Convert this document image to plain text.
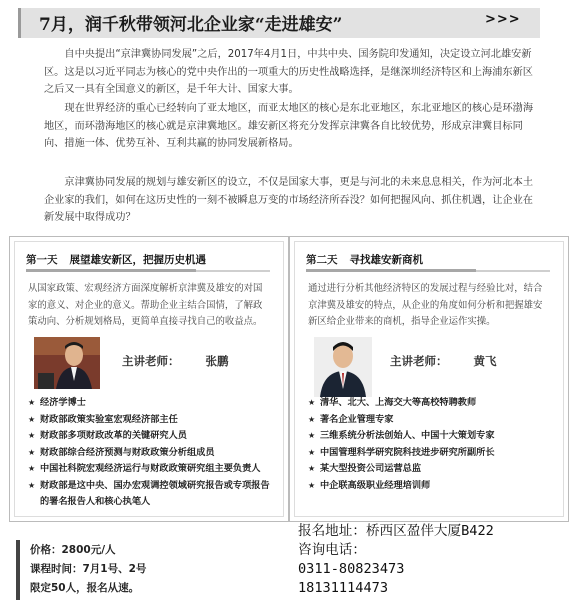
7月，润千秋带领河北企业家“走进雄安”	>>>

自中央提出“京津冀协同发展”之后，2017年4月1日，中共中央、国务院印发通知，决定设立河北雄安新区。这是以习近平同志为核心的党中央作出的一项重大的历史性战略选择，是继深圳经济特区和上海浦东新区之后又一具有全国意义的新区，是千年大计、国家大事。

现在世界经济的重心已经转向了亚太地区，而亚太地区的核心是东北亚地区，东北亚地区的核心是环渤海地区，而环渤海地区的核心就是京津冀地区。雄安新区将充分发挥京津冀各自比较优势，形成京津冀目标同向、措施一体、优势互补、互利共赢的协同发展新格局。

京津冀协同发展的规划与雄安新区的设立，不仅是国家大事，更是与河北的未来息息相关，作为河北本土企业家的我们，如何在这历史性的一刻不被瞬息万变的市场经济所吞没？如何把握风向、抓住机遇，让企业在新发展中取得成功？

第一天 展望雄安新区，把握历史机遇

从国家政策、宏观经济方面深度解析京津冀及雄安的对国家的意义、对企业的意义。帮助企业主结合国情，了解政策动向、分析规划格局，更简单直接寻找自己的收益点。

主讲老师： 张鹏
★ 经济学博士
★ 财政部政策实验室宏观经济部主任
★ 财政部多项财政改革的关键研究人员
★ 财政部综合经济预测与财政政策分析组成员
★ 中国社科院宏观经济运行与财政政策研究组主要负责人
★ 财政部是这中央、国办宏观调控领域研究报告或专项报告的署名报告人和核心执笔人
第二天 寻找雄安新商机

通过进行分析其他经济特区的发展过程与经验比对，结合京津冀及雄安的特点，从企业的角度如何分析和把握雄安新区给企业带来的商机，指导企业运作实操。

主讲老师： 黄飞
★ 清华、北大、上海交大等高校特聘教师
★ 著名企业管理专家
★ 三维系统分析法创始人、中国十大策划专家
★ 中国管理科学研究院科技进步研究所副所长
★ 某大型投资公司运营总监
★ 中企联高级职业经理培训师
价格：2800元/人
课程时间：7月1号、2号
限定50人，报名从速。
报名地址：桥西区盈伴大厦B422
咨询电话：
0311-80823473
18131114473
